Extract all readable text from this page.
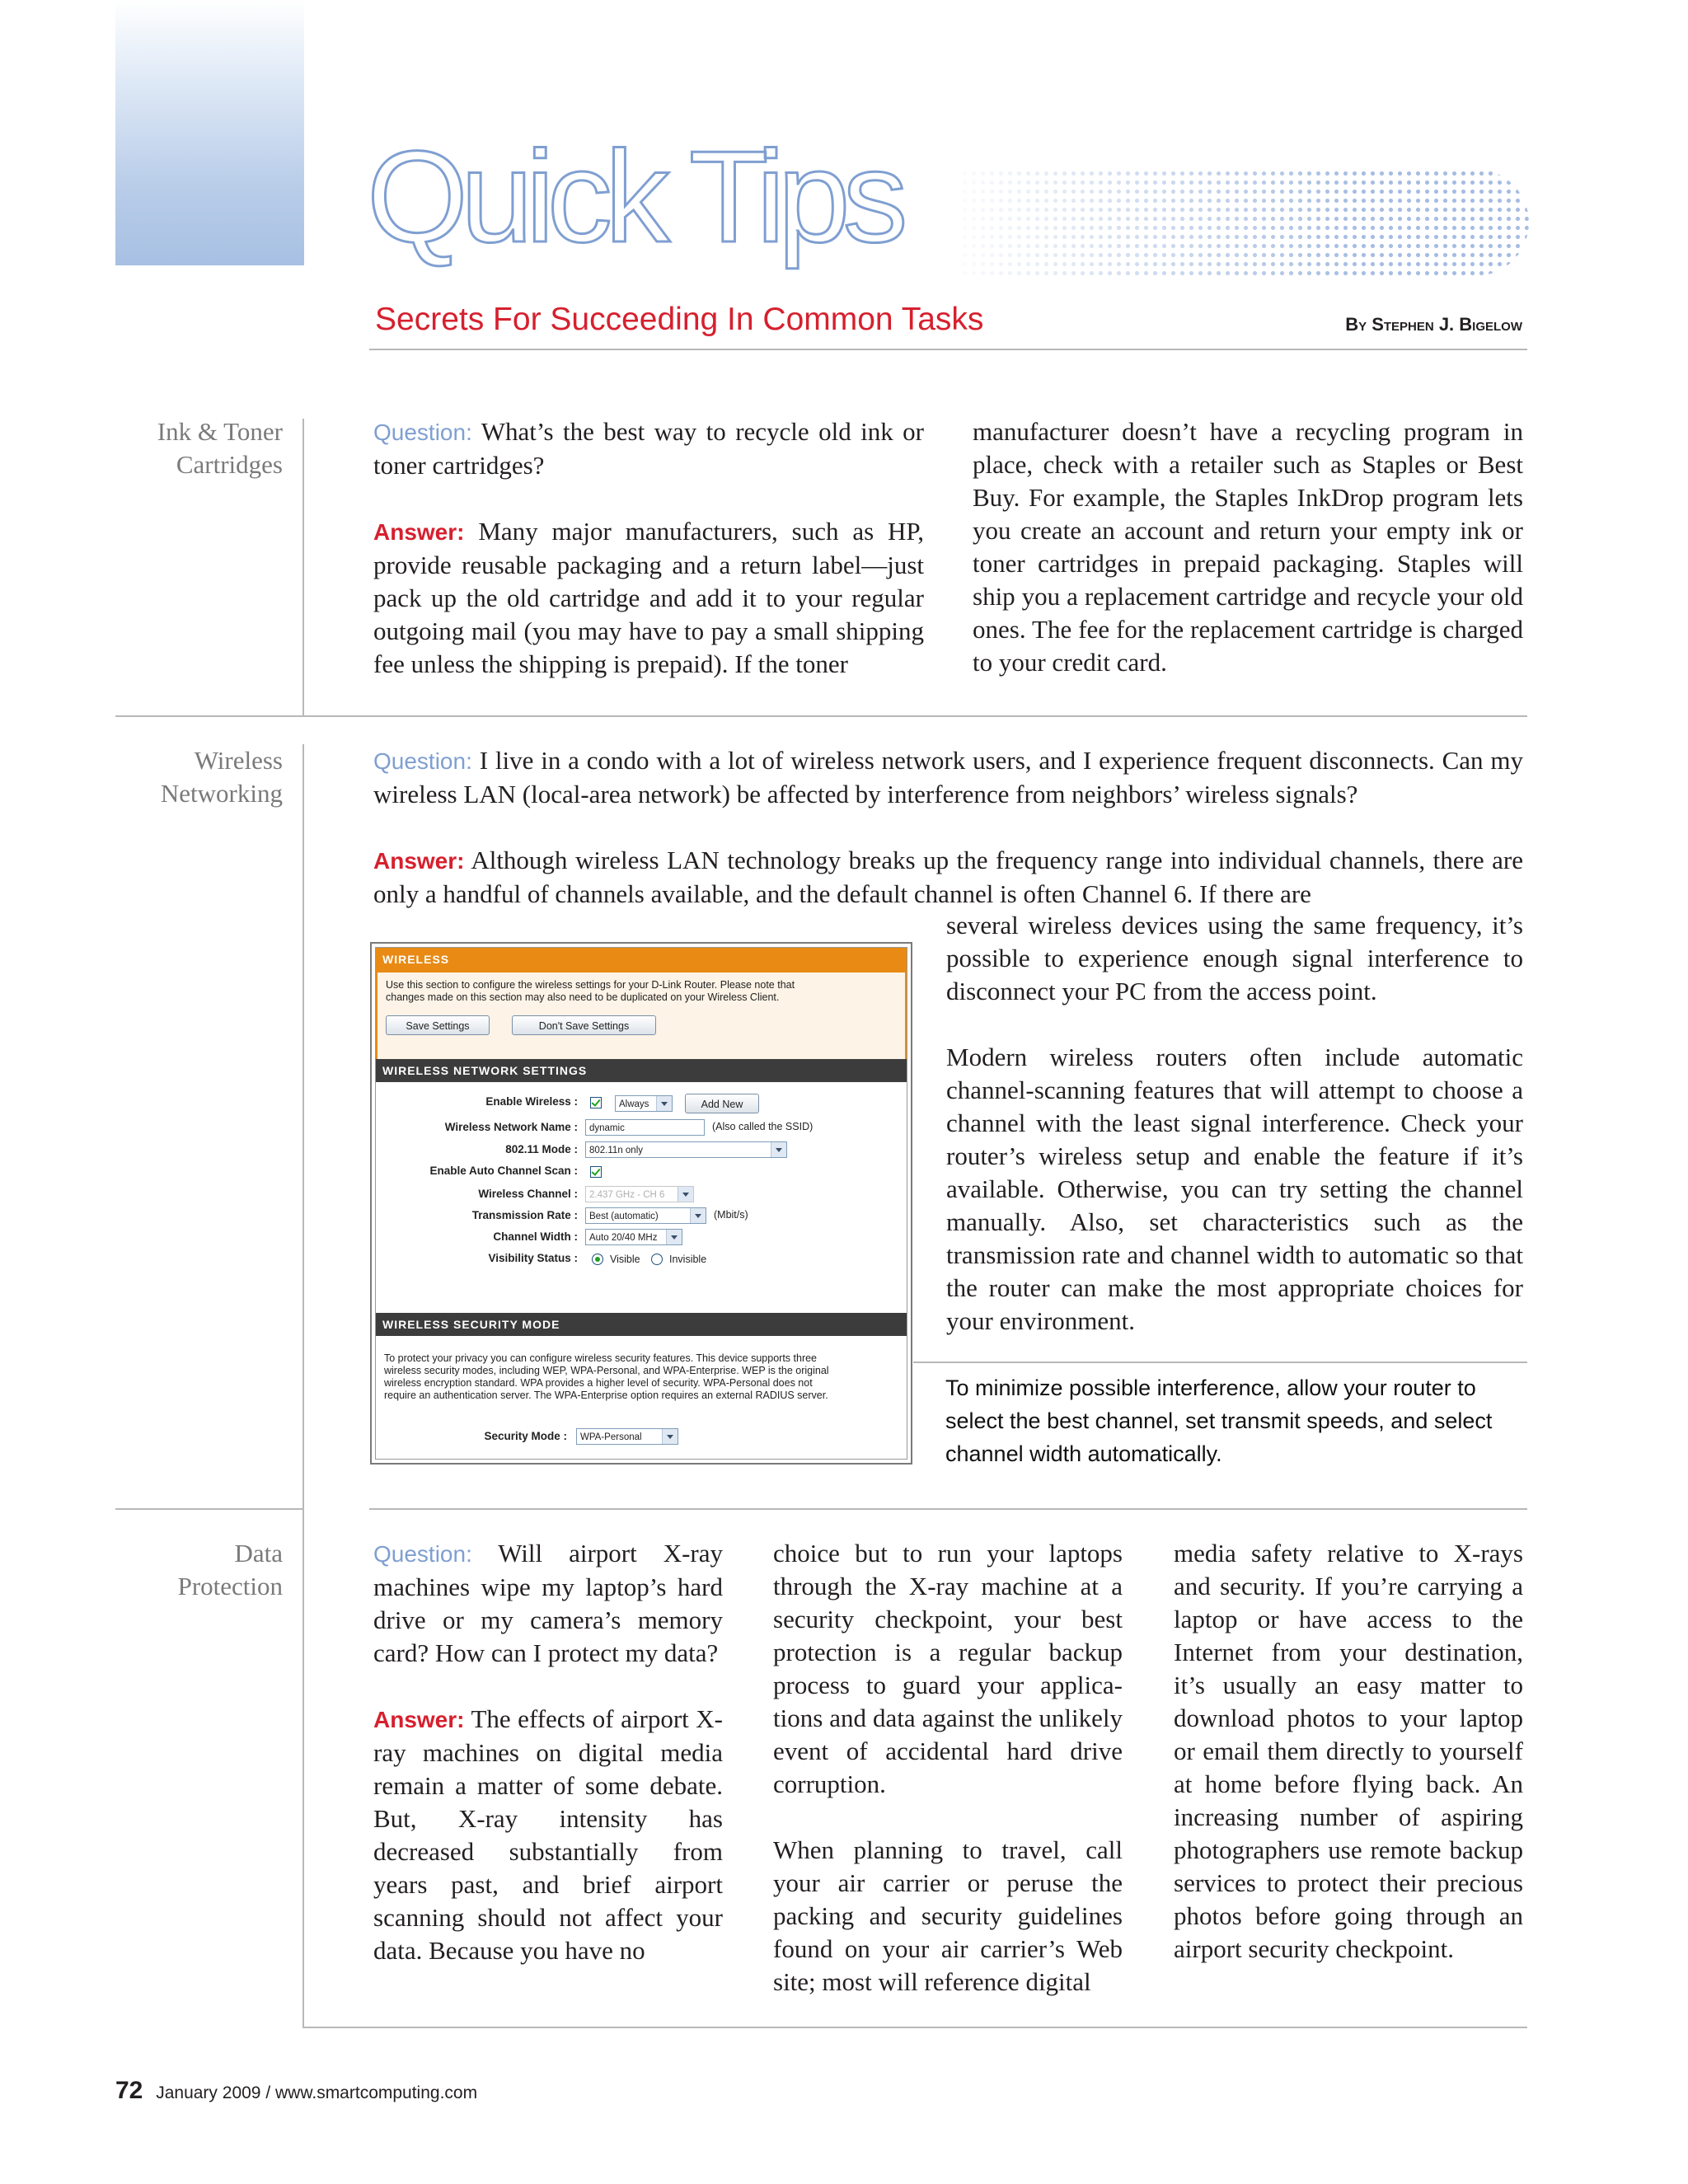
Quick Tips
Secrets For Succeeding In Common Tasks	By Stephen J. Bigelow
Ink & Toner
Cartridges

Question: What’s the best way to recycle old ink or toner cartridges?

Answer: Many major manufacturers, such as HP, provide reusable packaging and a return label—just pack up the old cartridge and add it to your regular outgoing mail (you may have to pay a small shipping fee unless the shipping is prepaid). If the toner

manufacturer doesn’t have a recycling program in place, check with a retailer such as Staples or Best Buy. For example, the Staples InkDrop program lets you create an account and return your empty ink or toner cartridges in prepaid packaging. Staples will ship you a replacement cartridge and recycle your old ones. The fee for the replacement cartridge is charged to your credit card.

Wireless
Networking

Question: I live in a condo with a lot of wireless network users, and I experience frequent disconnects. Can my wireless LAN (local-area network) be affected by interference from neighbors’ wireless signals?

Answer: Although wireless LAN technology breaks up the frequency range into individual channels, there are only a handful of channels available, and the default channel is often Channel 6. If there are

several wireless devices using the same frequency, it’s possible to experience enough signal interference to disconnect your PC from the access point.

Modern wireless routers often include automatic channel-scanning features that will attempt to choose a channel with the least signal interference. Check your router’s wireless setup and enable the feature if it’s available. Otherwise, you can try setting the channel manually. Also, set characteristics such as the transmission rate and channel width to automatic so that the router can make the most appropriate choices for your environment.

To minimize possible interference, allow your router to select the best channel, set transmit speeds, and select channel width automatically.
WIRELESS
Use this section to configure the wireless settings for your D-Link Router. Please note that
changes made on this section may also need to be duplicated on your Wireless Client.
Save Settings	Don't Save Settings
WIRELESS NETWORK SETTINGS
Enable Wireless :	Always	Add New
Wireless Network Name :	dynamic	(Also called the SSID)
802.11 Mode :	802.11n only
Enable Auto Channel Scan :
Wireless Channel :	2.437 GHz - CH 6
Transmission Rate :	Best (automatic)	(Mbit/s)
Channel Width :	Auto 20/40 MHz
Visibility Status :	Visible	Invisible
WIRELESS SECURITY MODE
To protect your privacy you can configure wireless security features. This device supports three
wireless security modes, including WEP, WPA-Personal, and WPA-Enterprise. WEP is the original
wireless encryption standard. WPA provides a higher level of security. WPA-Personal does not
require an authentication server. The WPA-Enterprise option requires an external RADIUS server.
Security Mode :	WPA-Personal
Data
Protection

Question: Will airport X-ray machines wipe my laptop’s hard drive or my camera’s memory card? How can I protect my data?

Answer: The effects of airport X-ray machines on digital media remain a matter of some debate. But, X-ray intensity has decreased substantially from years past, and brief airport scanning should not affect your data. Because you have no

choice but to run your laptops through the X-ray machine at a security checkpoint, your best protection is a regular backup process to guard your applications and data against the unlikely event of accidental hard drive corruption.

When planning to travel, call your air carrier or peruse the packing and security guidelines found on your air carrier’s Web site; most will reference digital

media safety relative to X-rays and security. If you’re carrying a laptop or have access to the Internet from your destination, it’s usually an easy matter to download photos to your laptop or email them directly to yourself at home before flying back. An increasing number of aspiring photographers use remote backup services to protect their precious photos before going through an airport security checkpoint.

72 January 2009 / www.smartcomputing.com
